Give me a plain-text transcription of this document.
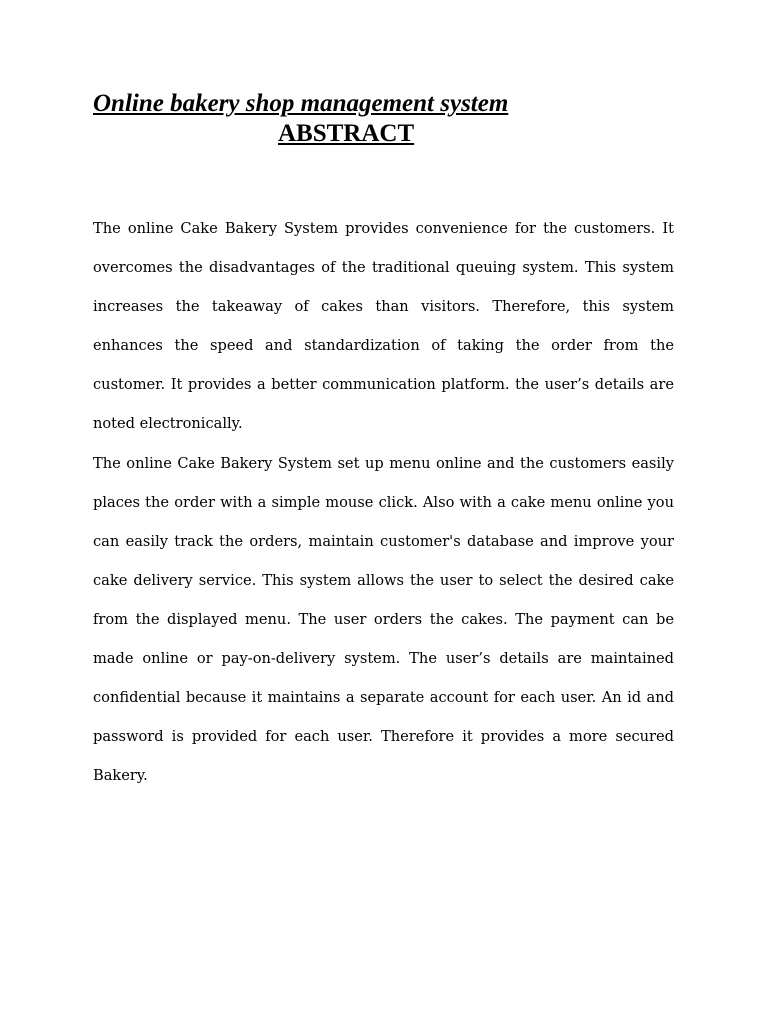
Online bakery shop management system
ABSTRACT

The online Cake Bakery System provides convenience for the customers. It overcomes the disadvantages of the traditional queuing system. This system increases the takeaway of cakes than visitors. Therefore, this system enhances the speed and standardization of taking the order from the customer. It provides a better communication platform. the user’s details are noted electronically.

The online Cake Bakery System set up menu online and the customers easily places the order with a simple mouse click. Also with a cake menu online you can easily track the orders, maintain customer's database and improve your cake delivery service. This system allows the user to select the desired cake from the displayed menu. The user orders the cakes. The payment can be made online or pay-on-delivery system. The user’s details are maintained confidential because it maintains a separate account for each user. An id and password is provided for each user. Therefore it provides a more secured Bakery.
